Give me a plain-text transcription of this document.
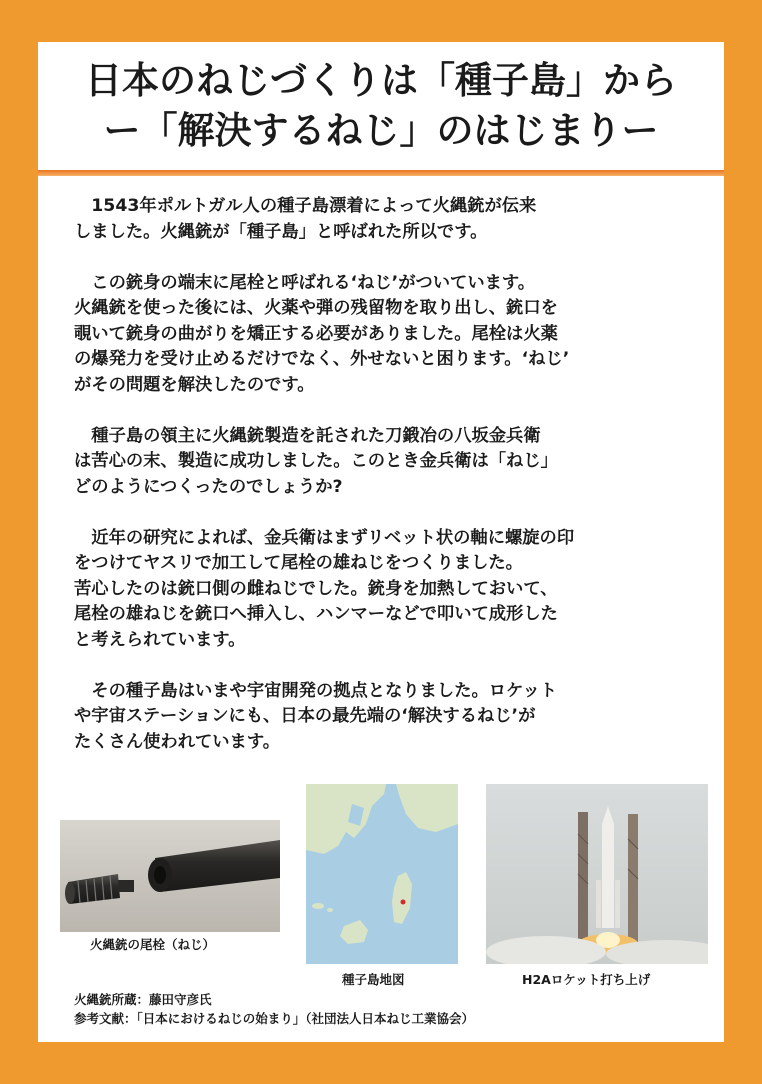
日本のねじづくりは「種子島」から
ー「解決するねじ」のはじまりー
　1543年ポルトガル人の種子島漂着によって火縄銃が伝来
しました。火縄銃が「種子島」と呼ばれた所以です。
　この銃身の端末に尾栓と呼ばれる‘ねじ’がついています。
火縄銃を使った後には、火薬や弾の残留物を取り出し、銃口を
覗いて銃身の曲がりを矯正する必要がありました。尾栓は火薬
の爆発力を受け止めるだけでなく、外せないと困ります。‘ねじ’
がその問題を解決したのです。
　種子島の領主に火縄銃製造を託された刀鍛冶の八坂金兵衛
は苦心の末、製造に成功しました。このとき金兵衛は「ねじ」
どのようにつくったのでしょうか?
　近年の研究によれば、金兵衛はまずリベット状の軸に螺旋の印
をつけてヤスリで加工して尾栓の雄ねじをつくりました。
苦心したのは銃口側の雌ねじでした。銃身を加熱しておいて、
尾栓の雄ねじを銃口へ挿入し、ハンマーなどで叩いて成形した
と考えられています。
　その種子島はいまや宇宙開発の拠点となりました。ロケット
や宇宙ステーションにも、日本の最先端の‘解決するねじ’が
たくさん使われています。
火縄銃の尾栓（ねじ）
種子島地図	H2Aロケット打ち上げ
火縄銃所蔵：藤田守彦氏
参考文献：「日本におけるねじの始まり」（社団法人日本ねじ工業協会）
